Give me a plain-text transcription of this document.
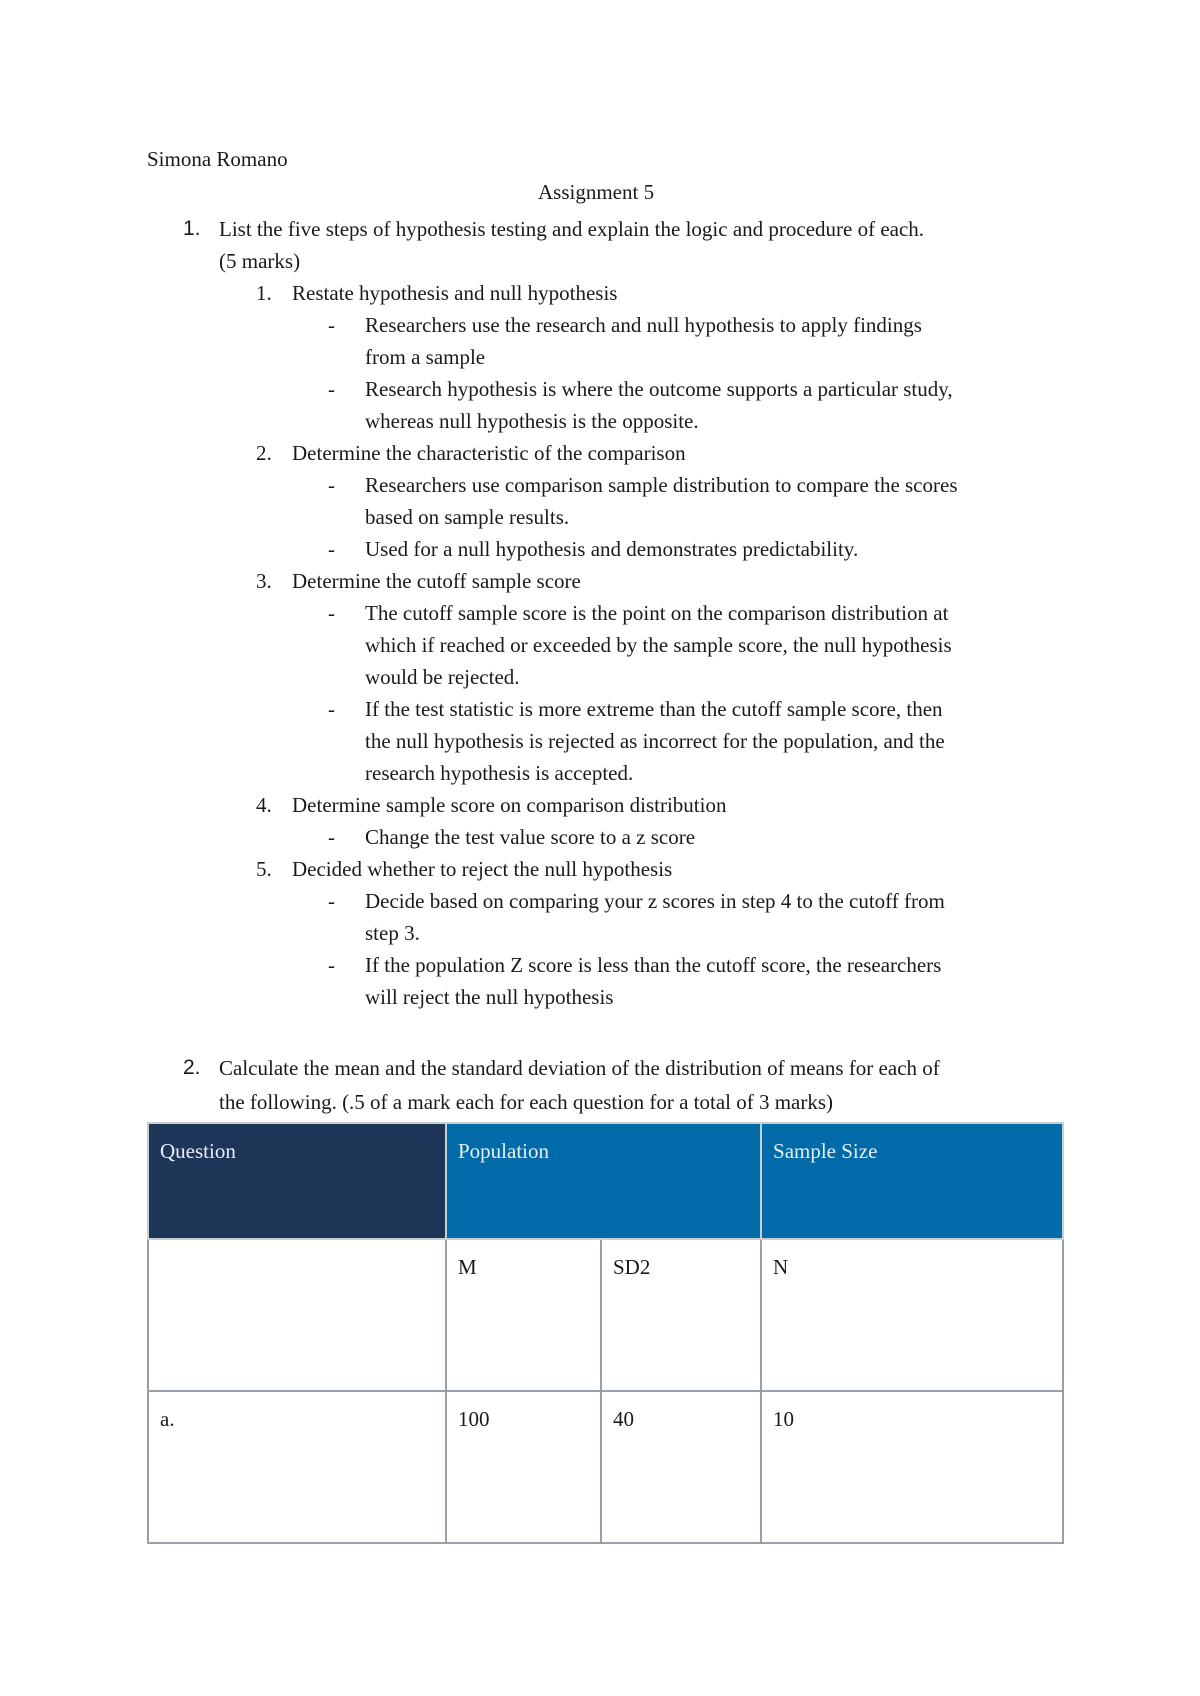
Simona Romano
Assignment 5
1. List the five steps of hypothesis testing and explain the logic and procedure of each.
(5 marks)
1. Restate hypothesis and null hypothesis
- Researchers use the research and null hypothesis to apply findings
from a sample
- Research hypothesis is where the outcome supports a particular study,
whereas null hypothesis is the opposite.
2. Determine the characteristic of the comparison
- Researchers use comparison sample distribution to compare the scores
based on sample results.
- Used for a null hypothesis and demonstrates predictability.
3. Determine the cutoff sample score
- The cutoff sample score is the point on the comparison distribution at
which if reached or exceeded by the sample score, the null hypothesis
would be rejected.
- If the test statistic is more extreme than the cutoff sample score, then
the null hypothesis is rejected as incorrect for the population, and the
research hypothesis is accepted.
4. Determine sample score on comparison distribution
- Change the test value score to a z score
5. Decided whether to reject the null hypothesis
- Decide based on comparing your z scores in step 4 to the cutoff from
step 3.
- If the population Z score is less than the cutoff score, the researchers
will reject the null hypothesis
2. Calculate the mean and the standard deviation of the distribution of means for each of
the following. (.5 of a mark each for each question for a total of 3 marks)
Question	Population		Sample Size
	M	SD2	N
a.	100	40	10
